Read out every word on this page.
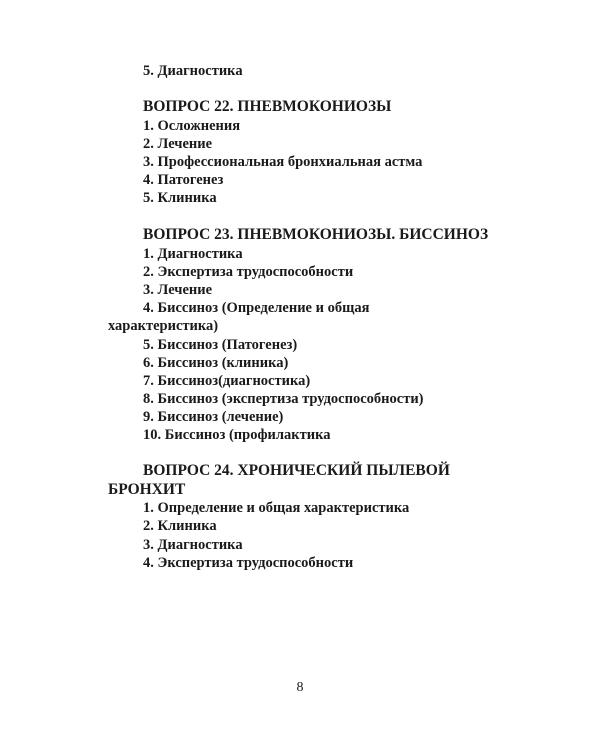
5. Диагностика
ВОПРОС 22. ПНЕВМОКОНИОЗЫ
1. Осложнения
2. Лечение
3. Профессиональная бронхиальная астма
4. Патогенез
5. Клиника
ВОПРОС 23. ПНЕВМОКОНИОЗЫ. БИССИНОЗ
1. Диагностика
2. Экспертиза трудоспособности
3. Лечение
4. Биссиноз (Определение и общая
характеристика)
5. Биссиноз (Патогенез)
6. Биссиноз (клиника)
7. Биссиноз(диагностика)
8. Биссиноз (экспертиза трудоспособности)
9. Биссиноз (лечение)
10. Биссиноз (профилактика
ВОПРОС 24. ХРОНИЧЕСКИЙ ПЫЛЕВОЙ
БРОНХИТ
1. Определение и общая характеристика
2. Клиника
3. Диагностика
4. Экспертиза трудоспособности
8
